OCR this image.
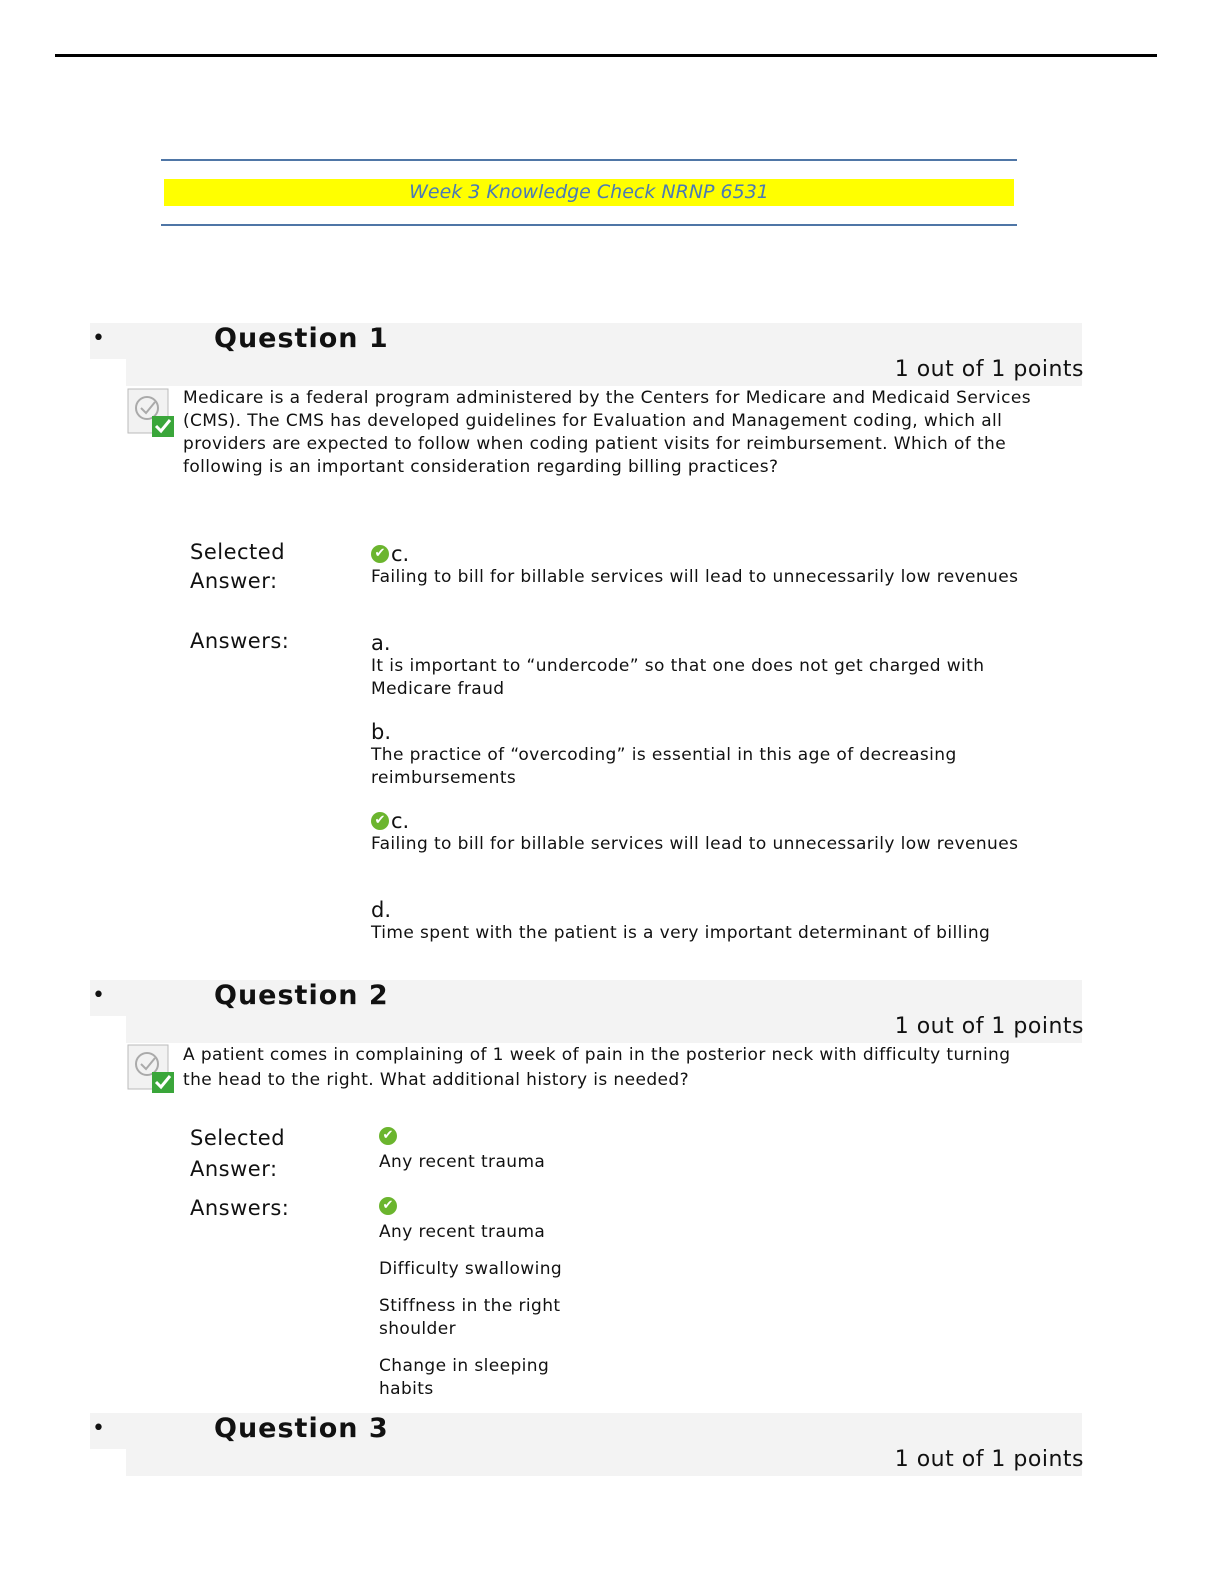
Week 3 Knowledge Check NRNP 6531
•	Question 1
1 out of 1 points
Medicare is a federal program administered by the Centers for Medicare and Medicaid Services (CMS). The CMS has developed guidelines for Evaluation and Management coding, which all providers are expected to follow when coding patient visits for reimbursement. Which of the following is an important consideration regarding billing practices?
Selected
Answer:
✔ c.
Failing to bill for billable services will lead to unnecessarily low revenues
Answers:	a.
It is important to “undercode” so that one does not get charged with Medicare fraud
b.
The practice of “overcoding” is essential in this age of decreasing reimbursements
✔ c.
Failing to bill for billable services will lead to unnecessarily low revenues
d.
Time spent with the patient is a very important determinant of billing
•	Question 2
1 out of 1 points
A patient comes in complaining of 1 week of pain in the posterior neck with difficulty turning the head to the right. What additional history is needed?
Selected
Answer:
✔
Any recent trauma
Answers:	✔
Any recent trauma
Difficulty swallowing
Stiffness in the right shoulder
Change in sleeping habits
•	Question 3
1 out of 1 points
